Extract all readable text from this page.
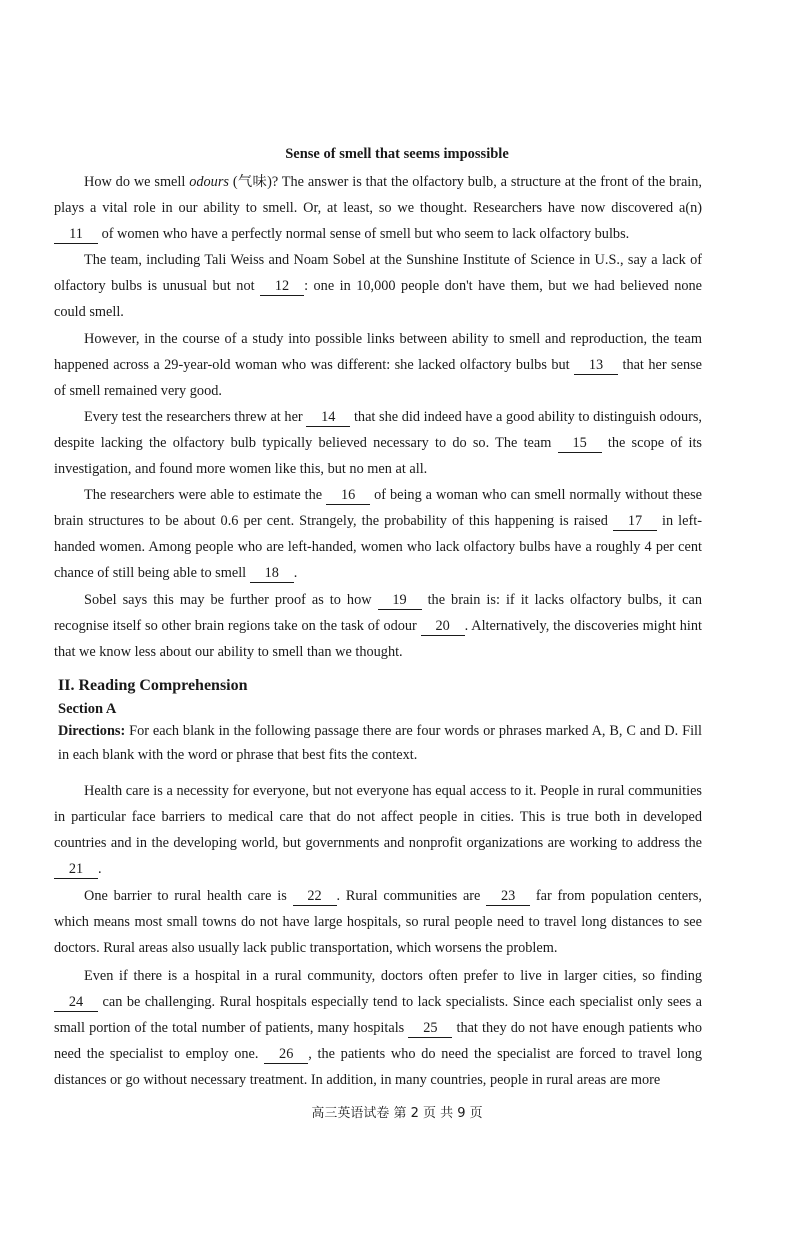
Sense of smell that seems impossible
How do we smell odours (气味)? The answer is that the olfactory bulb, a structure at the front of the brain, plays a vital role in our ability to smell. Or, at least, so we thought. Researchers have now discovered a(n) 11 of women who have a perfectly normal sense of smell but who seem to lack olfactory bulbs.
The team, including Tali Weiss and Noam Sobel at the Sunshine Institute of Science in U.S., say a lack of olfactory bulbs is unusual but not 12 : one in 10,000 people don't have them, but we had believed none could smell.
However, in the course of a study into possible links between ability to smell and reproduction, the team happened across a 29-year-old woman who was different: she lacked olfactory bulbs but 13 that her sense of smell remained very good.
Every test the researchers threw at her 14 that she did indeed have a good ability to distinguish odours, despite lacking the olfactory bulb typically believed necessary to do so. The team 15 the scope of its investigation, and found more women like this, but no men at all.
The researchers were able to estimate the 16 of being a woman who can smell normally without these brain structures to be about 0.6 per cent. Strangely, the probability of this happening is raised 17 in left-handed women. Among people who are left-handed, women who lack olfactory bulbs have a roughly 4 per cent chance of still being able to smell 18 .
Sobel says this may be further proof as to how 19 the brain is: if it lacks olfactory bulbs, it can recognise itself so other brain regions take on the task of odour 20 . Alternatively, the discoveries might hint that we know less about our ability to smell than we thought.
II. Reading Comprehension
Section A
Directions: For each blank in the following passage there are four words or phrases marked A, B, C and D. Fill in each blank with the word or phrase that best fits the context.
Health care is a necessity for everyone, but not everyone has equal access to it. People in rural communities in particular face barriers to medical care that do not affect people in cities. This is true both in developed countries and in the developing world, but governments and nonprofit organizations are working to address the 21 .
One barrier to rural health care is 22 . Rural communities are 23 far from population centers, which means most small towns do not have large hospitals, so rural people need to travel long distances to see doctors. Rural areas also usually lack public transportation, which worsens the problem.
Even if there is a hospital in a rural community, doctors often prefer to live in larger cities, so finding 24 can be challenging. Rural hospitals especially tend to lack specialists. Since each specialist only sees a small portion of the total number of patients, many hospitals 25 that they do not have enough patients who need the specialist to employ one. 26 , the patients who do need the specialist are forced to travel long distances or go without necessary treatment. In addition, in many countries, people in rural areas are more
高三英语试卷 第 2 页 共 9 页
